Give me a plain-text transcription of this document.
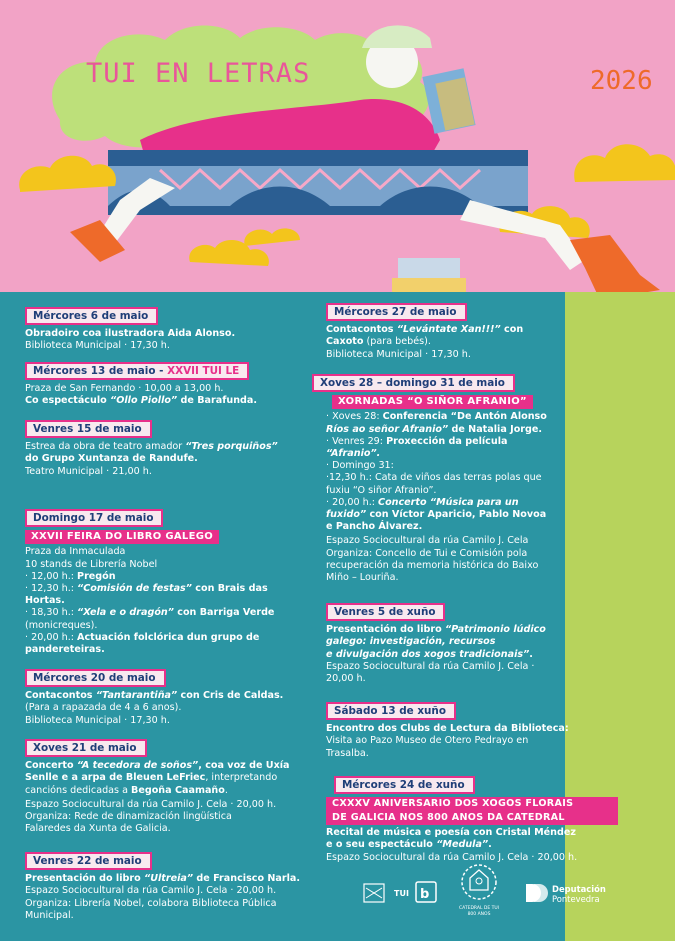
TUI EN LETRAS	2026
Mércores 6 de maio
Obradoiro coa ilustradora Aida Alonso.
Biblioteca Municipal · 17,30 h.
Mércores 13 de maio - XXVII TUI LE
Praza de San Fernando · 10,00 a 13,00 h.
Co espectáculo “Ollo Piollo” de Barafunda.
Venres 15 de maio
Estrea da obra de teatro amador “Tres porquiños”
do Grupo Xuntanza de Randufe.
Teatro Municipal · 21,00 h.
Domingo 17 de maio
XXVII FEIRA DO LIBRO GALEGO
Praza da Inmaculada
10 stands de Librería Nobel
· 12,00 h.: Pregón
· 12,30 h.: “Comisión de festas” con Brais das
Hortas.
· 18,30 h.: “Xela e o dragón” con Barriga Verde
(monicreques).
· 20,00 h.: Actuación folclórica dun grupo de
pandereteiras.
Mércores 20 de maio
Contacontos “Tantarantiña” con Cris de Caldas.
(Para a rapazada de 4 a 6 anos).
Biblioteca Municipal · 17,30 h.
Xoves 21 de maio
Concerto “A tecedora de soños”, coa voz de Uxía
Senlle e a arpa de Bleuen LeFriec, interpretando
cancións dedicadas a Begoña Caamaño.
Espazo Sociocultural da rúa Camilo J. Cela · 20,00 h.
Organiza: Rede de dinamización lingüística
Falaredes da Xunta de Galicia.
Venres 22 de maio
Presentación do libro “Ultreia” de Francisco Narla.
Espazo Sociocultural da rúa Camilo J. Cela · 20,00 h.
Organiza: Librería Nobel, colabora Biblioteca Pública
Municipal.
Mércores 27 de maio
Contacontos “Levántate Xan!!!” con
Caxoto (para bebés).
Biblioteca Municipal · 17,30 h.
Xoves 28 – domingo 31 de maio
XORNADAS “O SIÑOR AFRANIO”
· Xoves 28: Conferencia “De Antón Alonso
Ríos ao señor Afranio” de Natalia Jorge.
· Venres 29: Proxección da película
“Afranio”.
· Domingo 31:
·12,30 h.: Cata de viños das terras polas que
fuxiu “O siñor Afranio”.
· 20,00 h.: Concerto “Música para un
fuxido” con Víctor Aparicio, Pablo Novoa
e Pancho Álvarez.
Espazo Sociocultural da rúa Camilo J. Cela
Organiza: Concello de Tui e Comisión pola
recuperación da memoria histórica do Baixo
Miño – Louriña.
Venres 5 de xuño
Presentación do libro “Patrimonio lúdico
galego: investigación, recursos
e divulgación dos xogos tradicionais”.
Espazo Sociocultural da rúa Camilo J. Cela ·
20,00 h.
Sábado 13 de xuño
Encontro dos Clubs de Lectura da Biblioteca:
Visita ao Pazo Museo de Otero Pedrayo en
Trasalba.
Mércores 24 de xuño
CXXXV ANIVERSARIO DOS XOGOS FLORAIS
DE GALICIA NOS 800 ANOS DA CATEDRAL
Recital de música e poesía con Cristal Méndez
e o seu espectáculo “Medula”.
Espazo Sociocultural da rúa Camilo J. Cela · 20,00 h.
b
TUI
CATEDRAL DE TUI
800 ANOS
Deputación
Pontevedra
